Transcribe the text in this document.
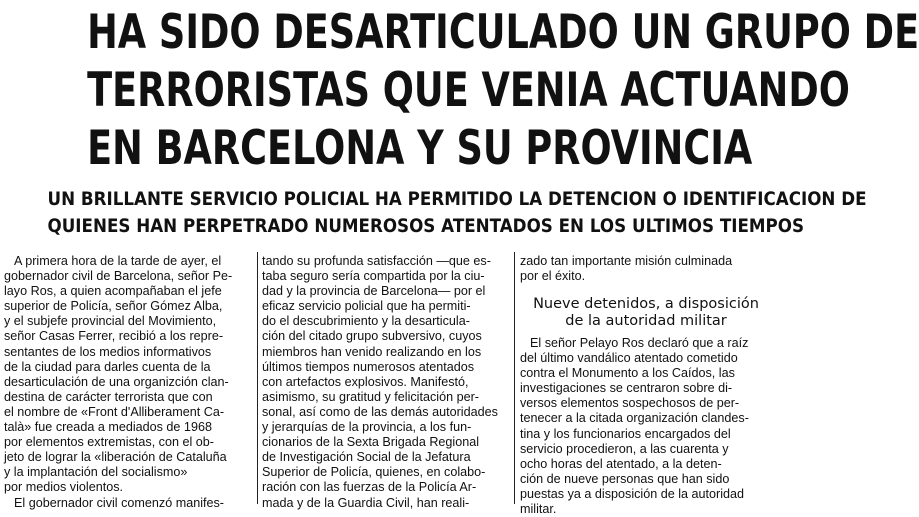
HA SIDO DESARTICULADO UN GRUPO DE
TERRORISTAS QUE VENIA ACTUANDO
EN BARCELONA Y SU PROVINCIA
UN BRILLANTE SERVICIO POLICIAL HA PERMITIDO LA DETENCION O IDENTIFICACION DE
QUIENES HAN PERPETRADO NUMEROSOS ATENTADOS EN LOS ULTIMOS TIEMPOS
A primera hora de la tarde de ayer, el
gobernador civil de Barcelona, señor Pe-
layo Ros, a quien acompañaban el jefe
superior de Policía, señor Gómez Alba,
y el subjefe provincial del Movimiento,
señor Casas Ferrer, recibió a los repre-
sentantes de los medios informativos
de la ciudad para darles cuenta de la
desarticulación de una organizción clan-
destina de carácter terrorista que con
el nombre de «Front d'Alliberament Ca-
talà» fue creada a mediados de 1968
por elementos extremistas, con el ob-
jeto de lograr la «liberación de Cataluña
y la implantación del socialismo»
por medios violentos.
El gobernador civil comenzó manifes-
tando su profunda satisfacción —que es-
taba seguro sería compartida por la ciu-
dad y la provincia de Barcelona— por el
eficaz servicio policial que ha permiti-
do el descubrimiento y la desarticula-
ción del citado grupo subversivo, cuyos
miembros han venido realizando en los
últimos tiempos numerosos atentados
con artefactos explosivos. Manifestó,
asimismo, su gratitud y felicitación per-
sonal, así como de las demás autoridades
y jerarquías de la provincia, a los fun-
cionarios de la Sexta Brigada Regional
de Investigación Social de la Jefatura
Superior de Policía, quienes, en colabo-
ración con las fuerzas de la Policía Ar-
mada y de la Guardia Civil, han reali-
zado tan importante misión culminada
por el éxito.
Nueve detenidos, a disposición
de la autoridad militar
El señor Pelayo Ros declaró que a raíz
del último vandálico atentado cometido
contra el Monumento a los Caídos, las
investigaciones se centraron sobre di-
versos elementos sospechosos de per-
tenecer a la citada organización clandes-
tina y los funcionarios encargados del
servicio procedieron, a las cuarenta y
ocho horas del atentado, a la deten-
ción de nueve personas que han sido
puestas ya a disposición de la autoridad
militar.
